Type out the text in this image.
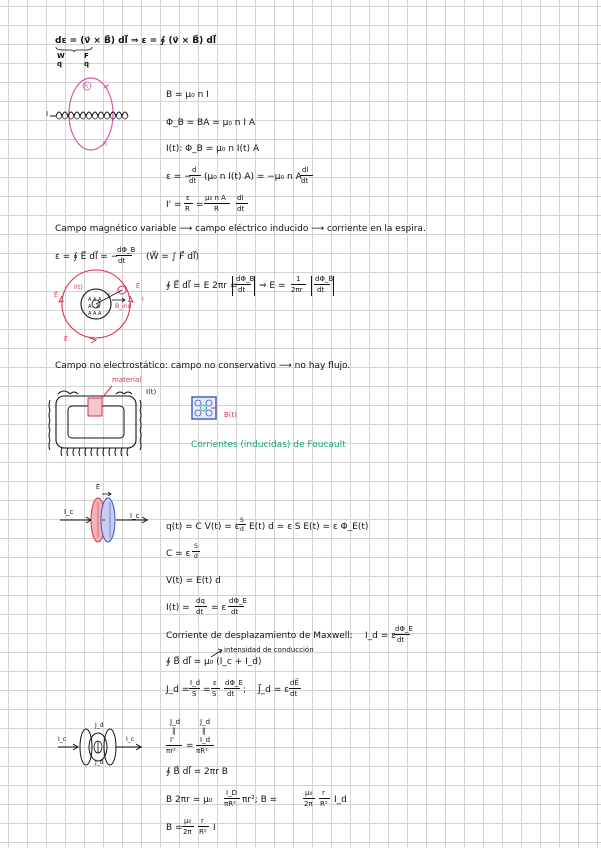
dε = (v⃗ × B⃗) dl⃗ ⇒ ε = ∮ (v⃗ × B⃗) dl⃗
W
q
F
q
I
R	I'
R
B = μ₀ n I
Φ_B = BA = μ₀ n I A
I(t): Φ_B = μ₀ n I(t) A
ε = −
d
dt (μ₀ n I(t) A) = −μ₀ n A
dI
dt
I' =
ε
R =
μ₀ n A
R
dI
dt
Campo magnético variable ⟶ campo eléctrico inducido ⟶ corriente en la espira.
ε = ∮ E⃗ dl⃗ = −
dΦ_B
dt (W⃗ = ∫ F⃗ dl⃗)
A A A
A · A
A A A
I(t)
E⃗
E⃗
E⃗
B_ind
I
r
∮ E⃗ dl⃗ = E 2πr =
dΦ_B
dt ⇒ E =
1
2πr
dΦ_B
dt
Campo no electrostático: campo no conservativo ⟶ no hay flujo.
material
I(t)
B(t)
Corrientes (inducidas) de Foucault
I_c	I_c
E⃗
q(t) = C V(t) = ε
S
d E(t) d = ε S E(t) = ε Φ_E(t)
C = ε
S
d
V(t) = E(t) d
I(t) =
dq
dt = ε
dΦ_E
dt
Corriente de desplazamiento de Maxwell: I_d = ε
dΦ_E
dt
intensidad de conducción
∮ B⃗ dl⃗ = μ₀ (I_c + I_d)
J_d =
I_d
S =
ε
S
dΦ_E
dt ; J⃗_d = ε
dE⃗
dt
I_c	I_c
J_d
J_d
J_d	J_d
‖	‖
I'
πr² =
I_d
πR²
∮ B⃗ dl⃗ = 2πr B
B 2πr = μ₀
I_D
πR² πr²; B =
μ₀
2π
r
R² I_d
B =
μ₀
2π
r
R² I
